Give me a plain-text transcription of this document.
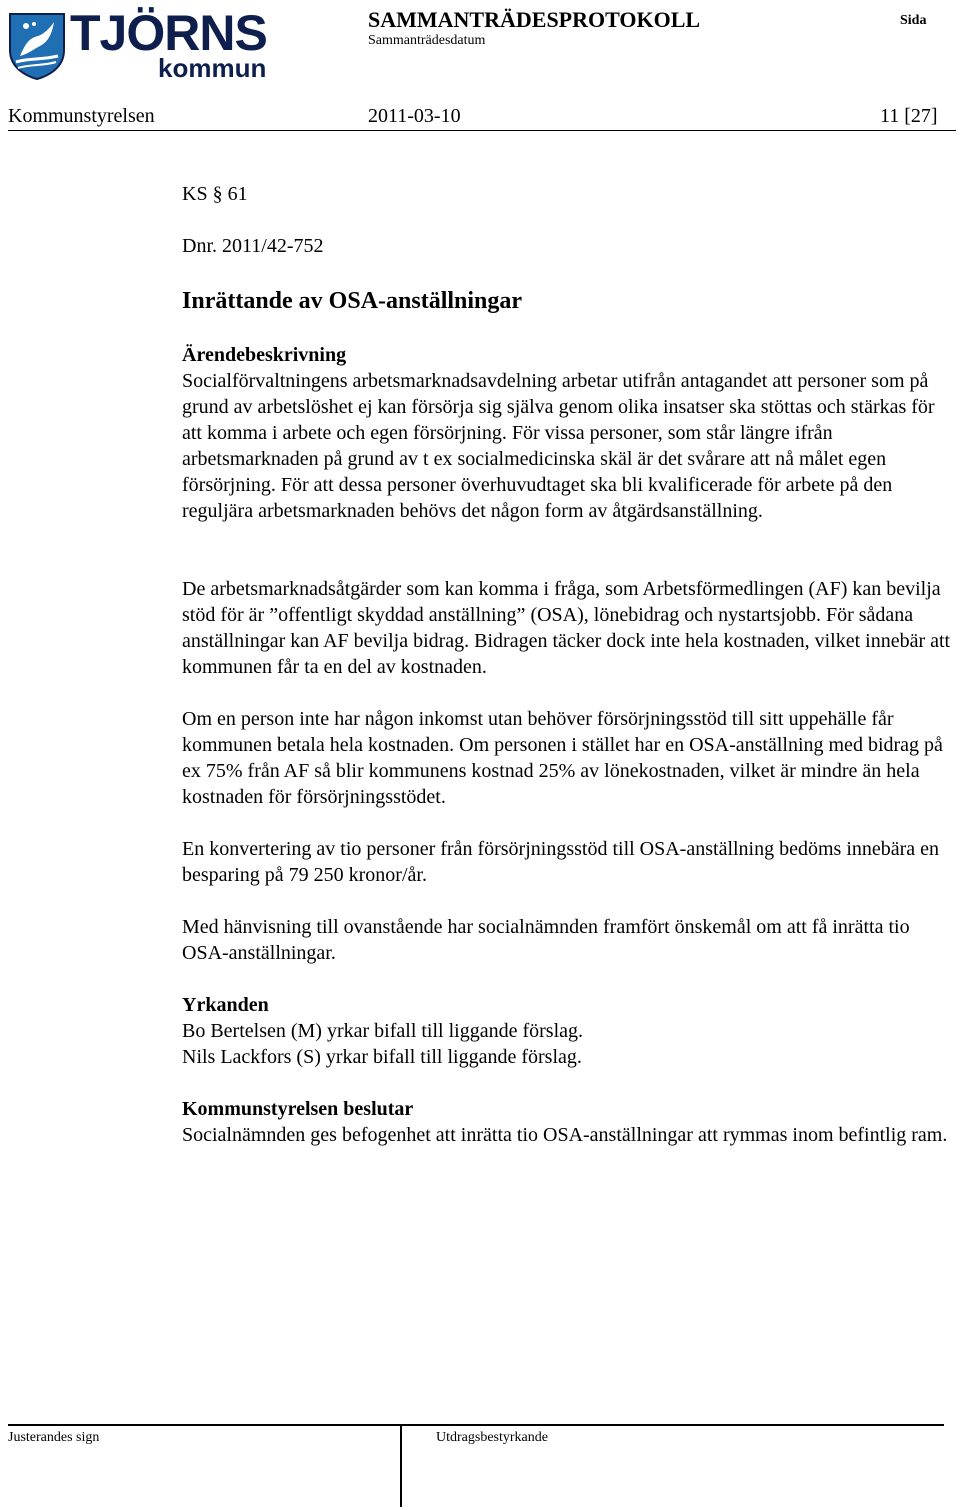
TJÖRNS
kommun
SAMMANTRÄDESPROTOKOLL
Sammanträdesdatum
Sida
Kommunstyrelsen	2011-03-10	11 [27]
KS § 61
Dnr. 2011/42-752
Inrättande av OSA-anställningar
Ärendebeskrivning

Socialförvaltningens arbetsmarknadsavdelning arbetar utifrån antagandet att personer som på grund av arbetslöshet ej kan försörja sig själva genom olika insatser ska stöttas och stärkas för att komma i arbete och egen försörjning. För vissa personer, som står längre ifrån arbetsmarknaden på grund av t ex socialmedicinska skäl är det svårare att nå målet egen försörjning. För att dessa personer överhuvudtaget ska bli kvalificerade för arbete på den reguljära arbetsmarknaden behövs det någon form av åtgärdsanställning.

De arbetsmarknadsåtgärder som kan komma i fråga, som Arbetsförmedlingen (AF) kan bevilja stöd för är ”offentligt skyddad anställning” (OSA), lönebidrag och nystartsjobb. För sådana anställningar kan AF bevilja bidrag. Bidragen täcker dock inte hela kostnaden, vilket innebär att kommunen får ta en del av kostnaden.

Om en person inte har någon inkomst utan behöver försörjningsstöd till sitt uppehälle får kommunen betala hela kostnaden. Om personen i stället har en OSA-anställning med bidrag på ex 75% från AF så blir kommunens kostnad 25% av lönekostnaden, vilket är mindre än hela kostnaden för försörjningsstödet.

En konvertering av tio personer från försörjningsstöd till OSA-anställning bedöms innebära en besparing på 79 250 kronor/år.

Med hänvisning till ovanstående har socialnämnden framfört önskemål om att få inrätta tio OSA-anställningar.

Yrkanden

Bo Bertelsen (M) yrkar bifall till liggande förslag.

Nils Lackfors (S) yrkar bifall till liggande förslag.

Kommunstyrelsen beslutar

Socialnämnden ges befogenhet att inrätta tio OSA-anställningar att rymmas inom befintlig ram.

Justerandes sign	Utdragsbestyrkande
